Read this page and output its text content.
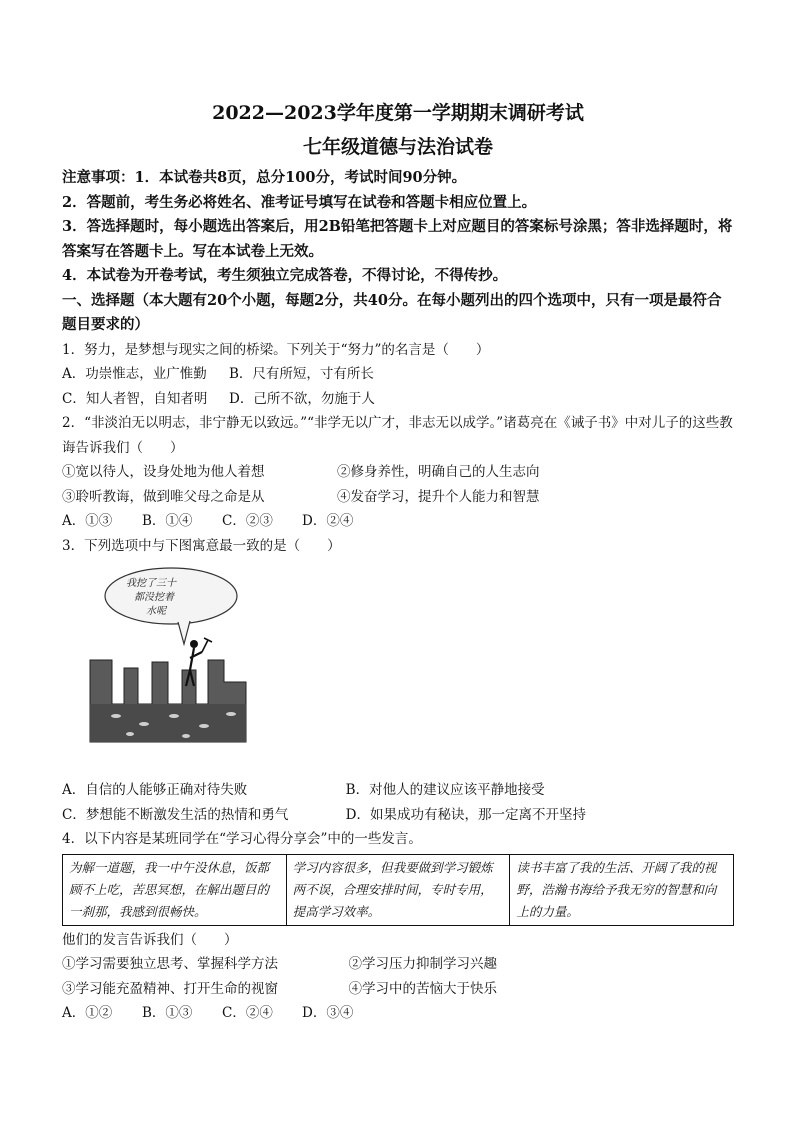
2022—2023学年度第一学期期末调研考试
七年级道德与法治试卷
注意事项：1．本试卷共8页，总分100分，考试时间90分钟。
2．答题前，考生务必将姓名、准考证号填写在试卷和答题卡相应位置上。
3．答选择题时，每小题选出答案后，用2B铅笔把答题卡上对应题目的答案标号涂黑；答非选择题时，将答案写在答题卡上。写在本试卷上无效。
4．本试卷为开卷考试，考生须独立完成答卷，不得讨论，不得传抄。
一、选择题（本大题有20个小题，每题2分，共40分。在每小题列出的四个选项中，只有一项是最符合题目要求的）
1．努力，是梦想与现实之间的桥梁。下列关于“努力”的名言是（　　）
A．功崇惟志，业广惟勤	B．尺有所短，寸有所长
C．知人者智，自知者明	D．己所不欲，勿施于人
2．“非淡泊无以明志，非宁静无以致远。”“非学无以广才，非志无以成学。”诸葛亮在《诫子书》中对儿子的这些教诲告诉我们（　　）
①宽以待人，设身处地为他人着想	②修身养性，明确自己的人生志向
③聆听教诲，做到唯父母之命是从	④发奋学习，提升个人能力和智慧
A．①③	B．①④	C．②③	D．②④
3．下列选项中与下图寓意最一致的是（　　）
我挖了三十
都没挖着
水呢
A．自信的人能够正确对待失败	B．对他人的建议应该平静地接受
C．梦想能不断激发生活的热情和勇气	D．如果成功有秘诀，那一定离不开坚持
4．以下内容是某班同学在“学习心得分享会”中的一些发言。
为解一道题，我一中午没休息，饭都顾不上吃，苦思冥想，在解出题目的一刹那，我感到很畅快。
学习内容很多，但我要做到学习锻炼两不误，合理安排时间，专时专用，提高学习效率。
读书丰富了我的生活、开阔了我的视野，浩瀚书海给予我无穷的智慧和向上的力量。
他们的发言告诉我们（　　）
①学习需要独立思考、掌握科学方法	②学习压力抑制学习兴趣
③学习能充盈精神、打开生命的视窗	④学习中的苦恼大于快乐
A．①②	B．①③	C．②④	D．③④
